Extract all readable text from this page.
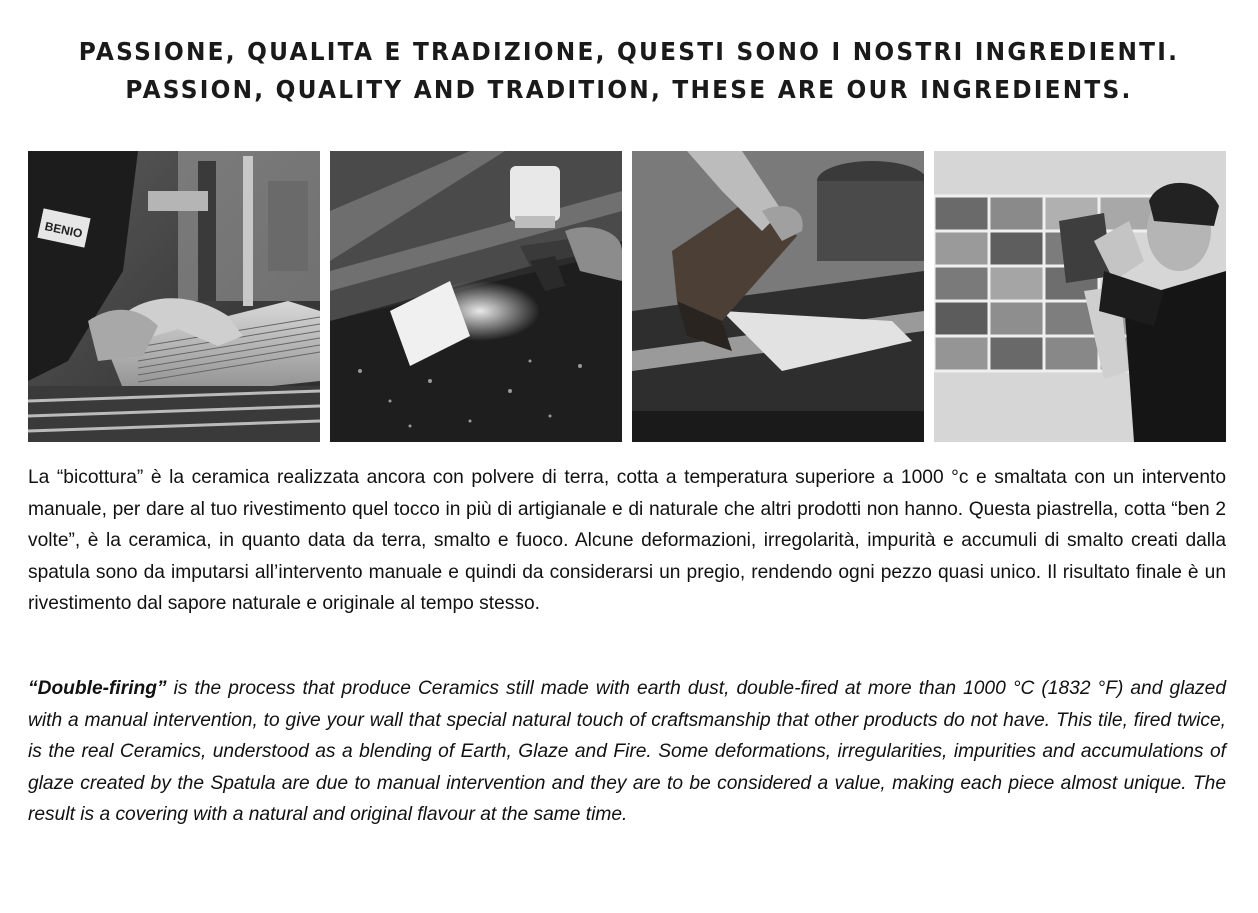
PASSIONE, QUALITA E TRADIZIONE, QUESTI SONO I NOSTRI INGREDIENTI.
PASSION, QUALITY AND TRADITION, THESE ARE OUR INGREDIENTS.
BENIO

La “bicottura” è la ceramica realizzata ancora con polvere di terra, cotta a temperatura superiore a 1000 °c e smaltata con un intervento manuale, per dare al tuo rivestimento quel tocco in più di artigianale e di naturale che altri prodotti non hanno. Questa piastrella, cotta “ben 2 volte”, è la ceramica, in quanto data da terra, smalto e fuoco. Alcune deformazioni, irregolarità, impurità e accumuli di smalto creati dalla spatula sono da imputarsi all’intervento manuale e quindi da considerarsi un pregio, rendendo ogni pezzo quasi unico. Il risultato finale è un rivestimento dal sapore naturale e originale al tempo stesso.

“Double-firing” is the process that produce Ceramics still made with earth dust, double-fired at more than 1000 °C (1832 °F) and glazed with a manual intervention, to give your wall that special natural touch of craftsmanship that other products do not have. This tile, fired twice, is the real Ceramics, understood as a blending of Earth, Glaze and Fire. Some deformations, irregularities, impurities and accumulations of glaze created by the Spatula are due to manual intervention and they are to be considered a value, making each piece almost unique. The result is a covering with a natural and original flavour at the same time.
